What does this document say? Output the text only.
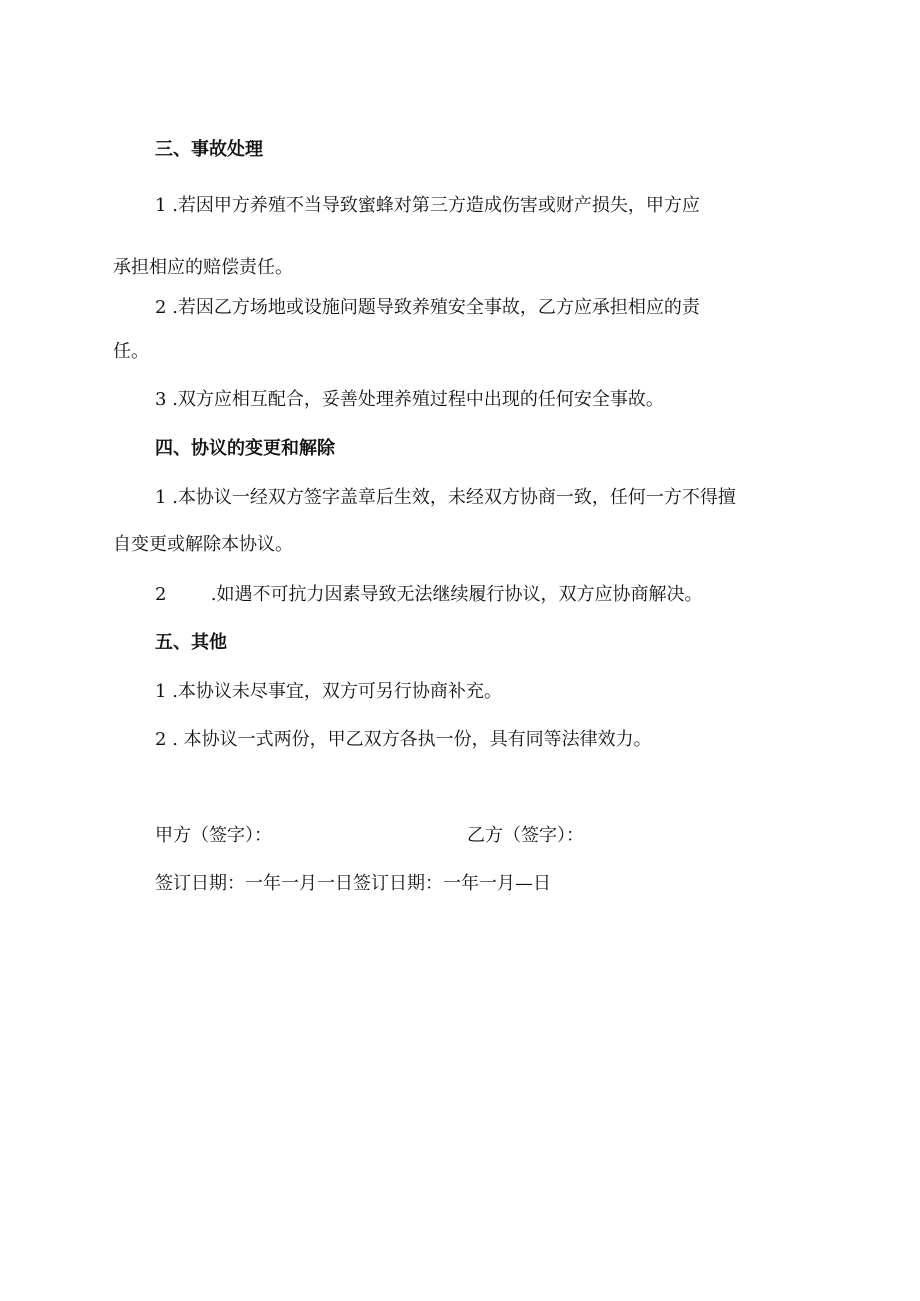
三、事故处理
1 .若因甲方养殖不当导致蜜蜂对第三方造成伤害或财产损失，甲方应
承担相应的赔偿责任。
2 .若因乙方场地或设施问题导致养殖安全事故，乙方应承担相应的责
任。
3 .双方应相互配合，妥善处理养殖过程中出现的任何安全事故。
四、协议的变更和解除
1 .本协议一经双方签字盖章后生效，未经双方协商一致，任何一方不得擅
自变更或解除本协议。
2 .如遇不可抗力因素导致无法继续履行协议，双方应协商解决。
五、其他
1 .本协议未尽事宜，双方可另行协商补充。
2 . 本协议一式两份，甲乙双方各执一份，具有同等法律效力。
甲方（签字）：	乙方（签字）：
签订日期：一年一月一日签订日期：一年一月—日
